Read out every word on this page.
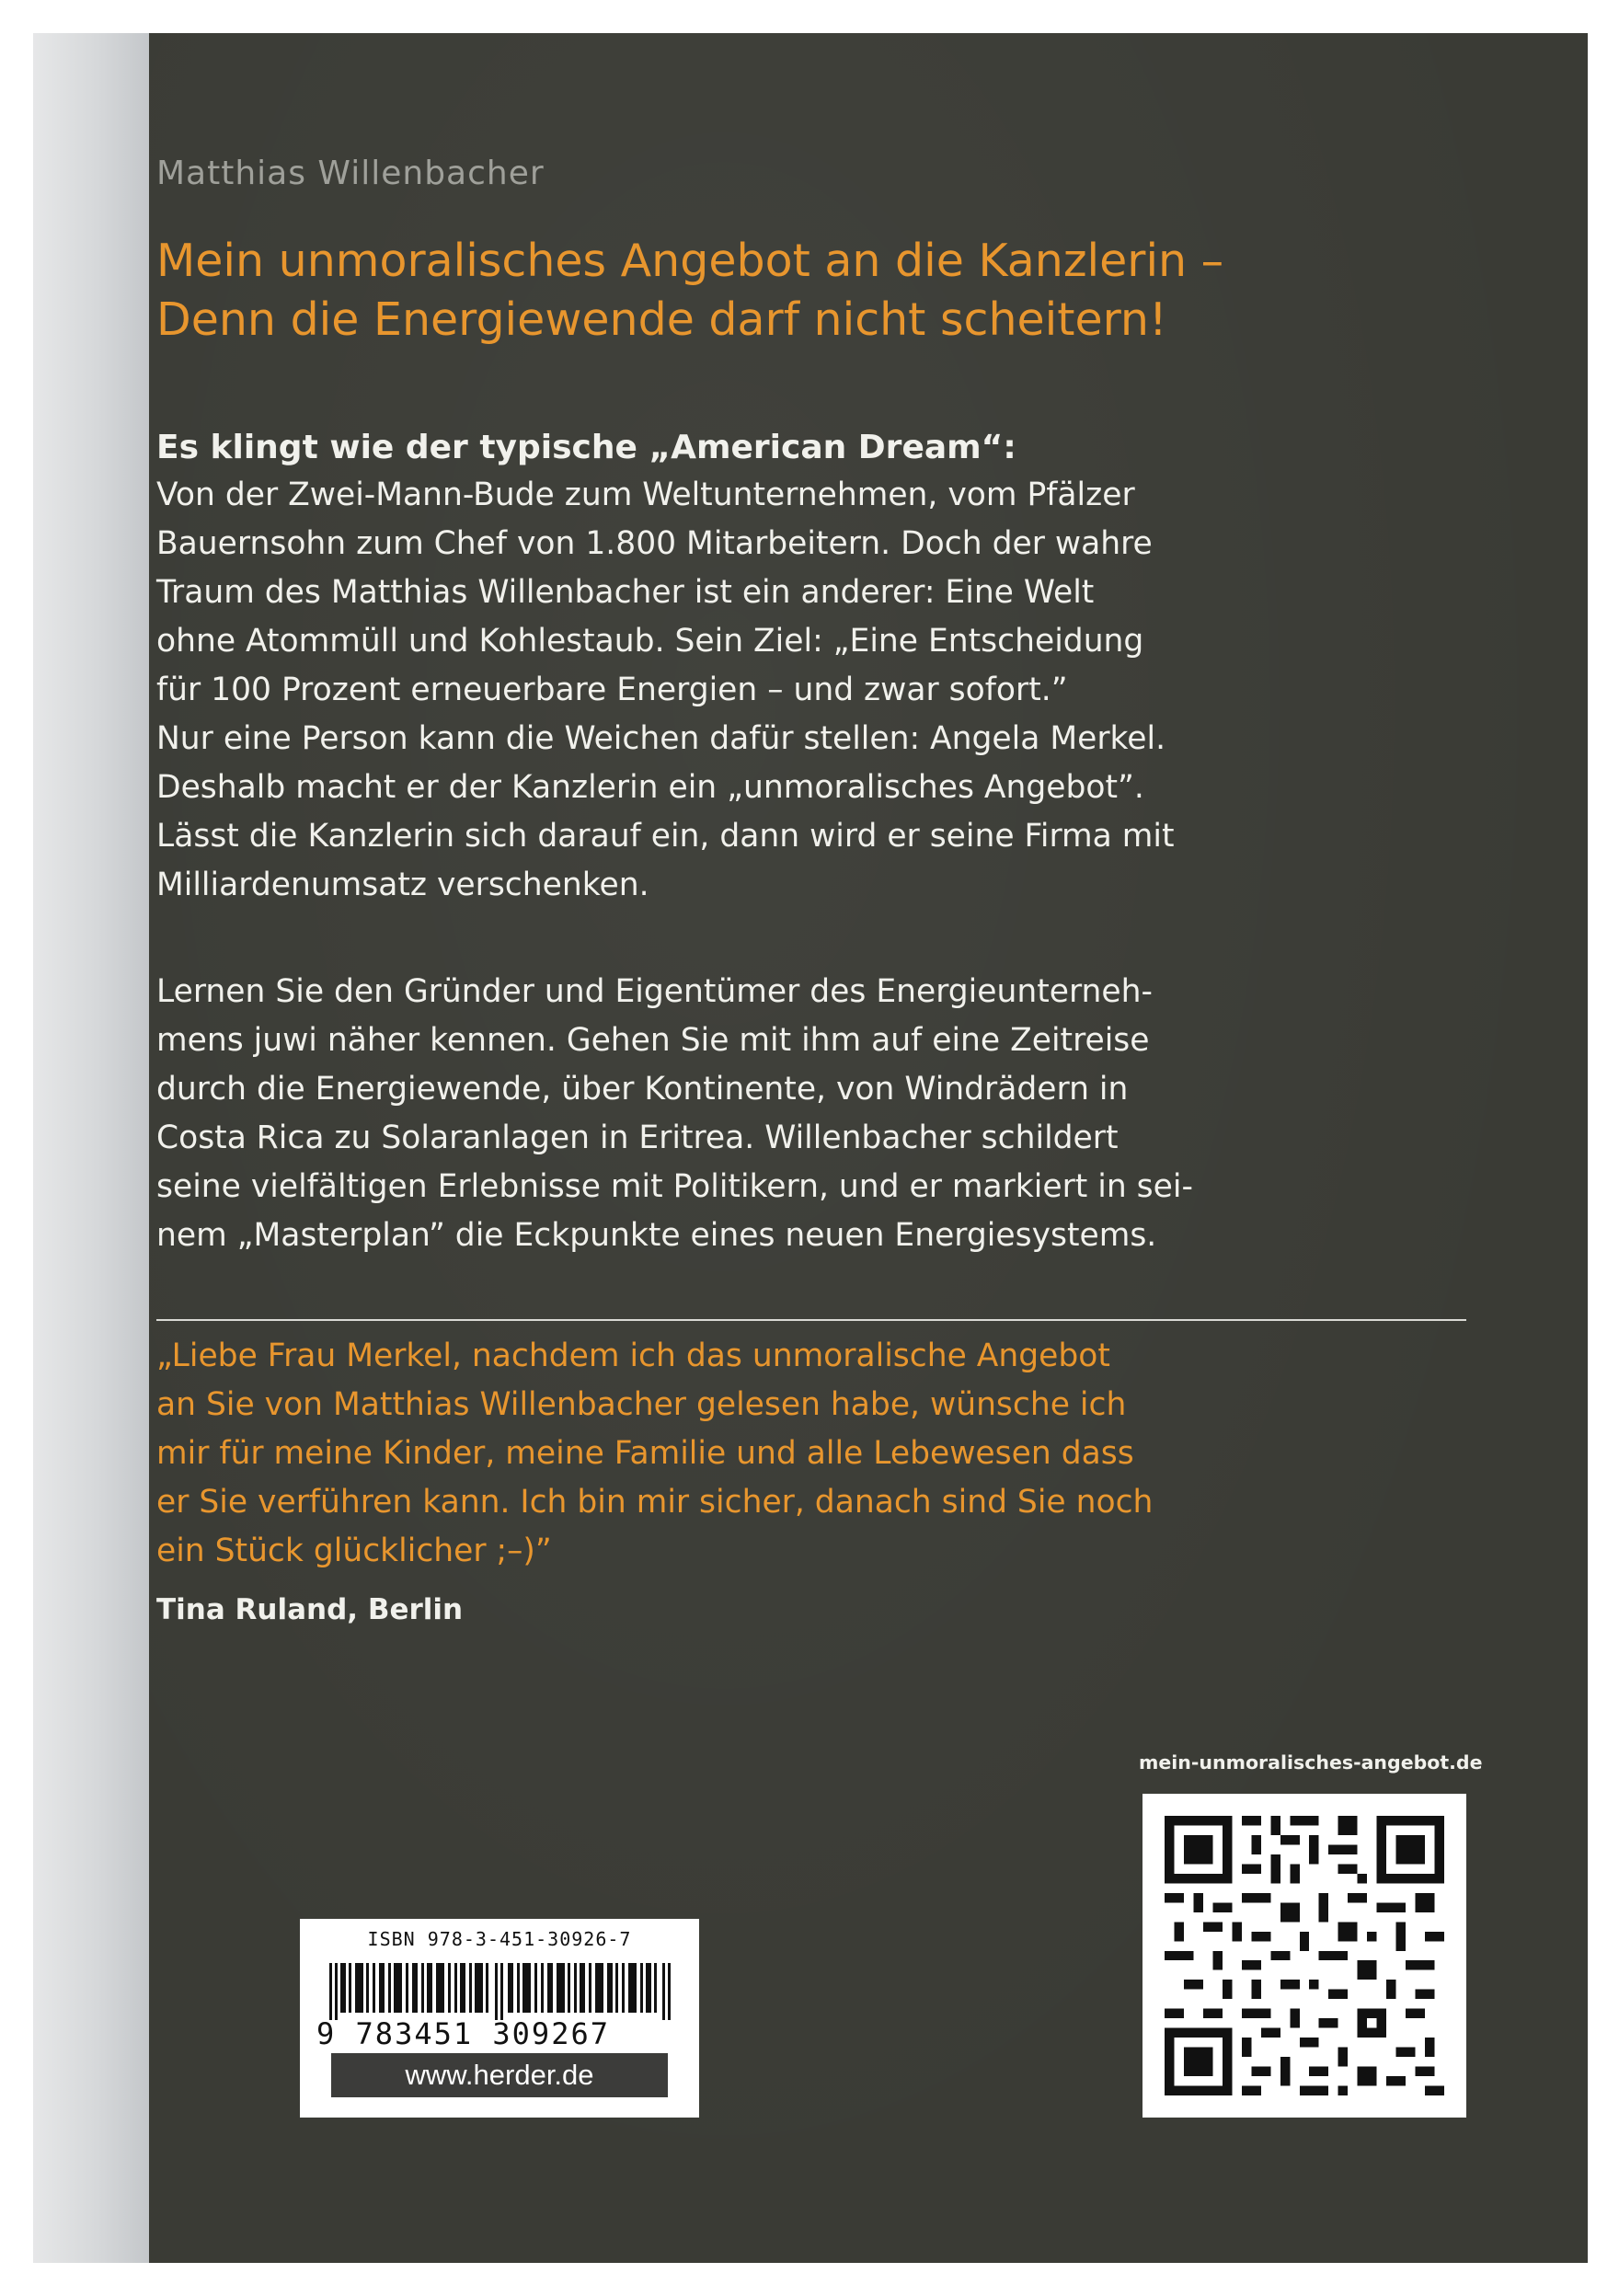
Matthias Willenbacher
Mein unmoralisches Angebot an die Kanzlerin –
Denn die Energiewende darf nicht scheitern!
Es klingt wie der typische „American Dream“:
Von der Zwei-Mann-Bude zum Weltunternehmen, vom Pfälzer
Bauernsohn zum Chef von 1.800 Mitarbeitern. Doch der wahre
Traum des Matthias Willenbacher ist ein anderer: Eine Welt
ohne Atommüll und Kohlestaub. Sein Ziel: „Eine Entscheidung
für 100 Prozent erneuerbare Energien – und zwar sofort.”
Nur eine Person kann die Weichen dafür stellen: Angela Merkel.
Deshalb macht er der Kanzlerin ein „unmoralisches Angebot”.
Lässt die Kanzlerin sich darauf ein, dann wird er seine Firma mit
Milliardenumsatz verschenken.
Lernen Sie den Gründer und Eigentümer des Energieunterneh-
mens juwi näher kennen. Gehen Sie mit ihm auf eine Zeitreise
durch die Energiewende, über Kontinente, von Windrädern in
Costa Rica zu Solaranlagen in Eritrea. Willenbacher schildert
seine vielfältigen Erlebnisse mit Politikern, und er markiert in sei-
nem „Masterplan” die Eckpunkte eines neuen Energiesystems.
„Liebe Frau Merkel, nachdem ich das unmoralische Angebot
an Sie von Matthias Willenbacher gelesen habe, wünsche ich
mir für meine Kinder, meine Familie und alle Lebewesen dass
er Sie verführen kann. Ich bin mir sicher, danach sind Sie noch
ein Stück glücklicher ;–)”
Tina Ruland, Berlin
mein-unmoralisches-angebot.de
ISBN 978-3-451-30926-7
9 783451 309267
www.herder.de
